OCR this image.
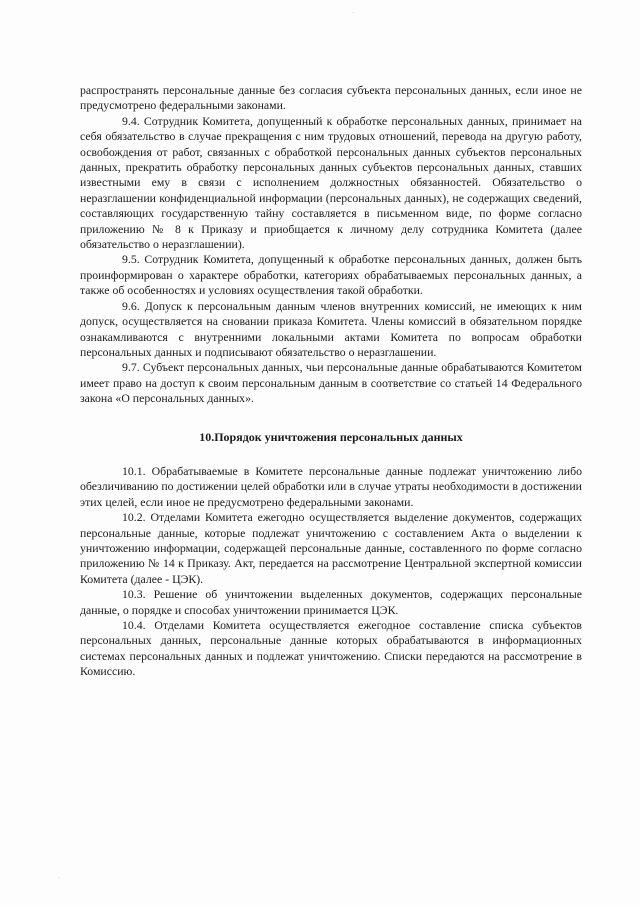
·
·

распространять персональные данные без согласия субъекта персональных данных, если иное не предусмотрено федеральными законами.

9.4. Сотрудник Комитета, допущенный к обработке персональных данных, принимает на себя обязательство в случае прекращения с ним трудовых отношений, перевода на другую работу, освобождения от работ, связанных с обработкой персональных данных субъектов персональных данных, прекратить обработку персональных данных субъектов персональных данных, ставших известными ему в связи с исполнением должностных обязанностей. Обязательство о неразглашении конфиденциальной информации (персональных данных), не содержащих сведений, составляющих государственную тайну составляется в письменном виде, по форме согласно приложению № 8 к Приказу и приобщается к личному делу сотрудника Комитета (далее обязательство о неразглашении).

9.5. Сотрудник Комитета, допущенный к обработке персональных данных, должен быть проинформирован о характере обработки, категориях обрабатываемых персональных данных, а также об особенностях и условиях осуществления такой обработки.

9.6. Допуск к персональным данным членов внутренних комиссий, не имеющих к ним допуск, осуществляется на сновании приказа Комитета. Члены комиссий в обязательном порядке ознакамливаются с внутренними локальными актами Комитета по вопросам обработки персональных данных и подписывают обязательство о неразглашении.

9.7. Субъект персональных данных, чьи персональные данные обрабатываются Комитетом имеет право на доступ к своим персональным данным в соответствие со статьей 14 Федерального закона «О персональных данных».

10.Порядок уничтожения персональных данных

10.1. Обрабатываемые в Комитете персональные данные подлежат уничтожению либо обезличиванию по достижении целей обработки или в случае утраты необходимости в достижении этих целей, если иное не предусмотрено федеральными законами.

10.2. Отделами Комитета ежегодно осуществляется выделение документов, содержащих персональные данные, которые подлежат уничтожению с составлением Акта о выделении к уничтожению информации, содержащей персональные данные, составленного по форме согласно приложению № 14 к Приказу. Акт, передается на рассмотрение Центральной экспертной комиссии Комитета (далее - ЦЭК).

10.3. Решение об уничтожении выделенных документов, содержащих персональные данные, о порядке и способах уничтожении принимается ЦЭК.

10.4. Отделами Комитета осуществляется ежегодное составление списка субъектов персональных данных, персональные данные которых обрабатываются в информационных системах персональных данных и подлежат уничтожению. Списки передаются на рассмотрение в Комиссию.
